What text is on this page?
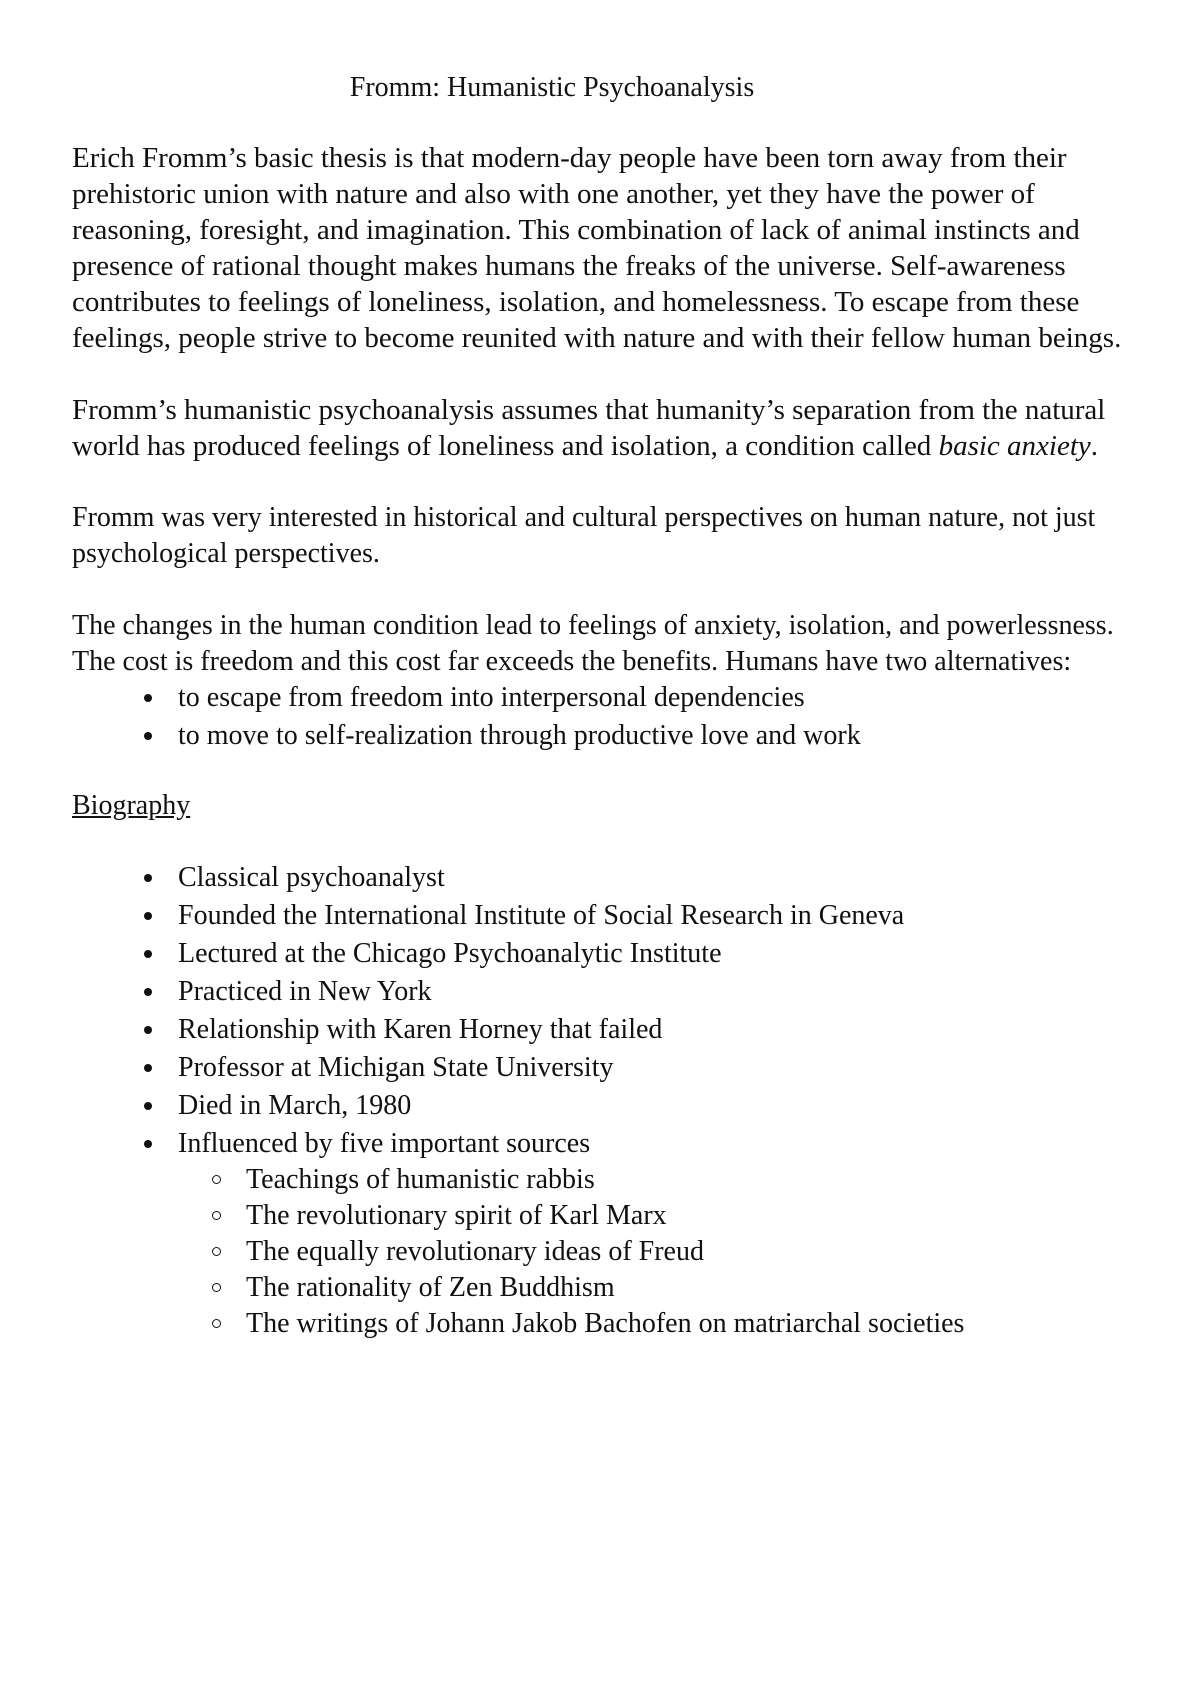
Fromm: Humanistic Psychoanalysis

Erich Fromm’s basic thesis is that modern-day people have been torn away from their prehistoric union with nature and also with one another, yet they have the power of reasoning, foresight, and imagination. This combination of lack of animal instincts and presence of rational thought makes humans the freaks of the universe. Self-awareness contributes to feelings of loneliness, isolation, and homelessness. To escape from these feelings, people strive to become reunited with nature and with their fellow human beings.

Fromm’s humanistic psychoanalysis assumes that humanity’s separation from the natural world has produced feelings of loneliness and isolation, a condition called basic anxiety.

Fromm was very interested in historical and cultural perspectives on human nature, not just psychological perspectives.

The changes in the human condition lead to feelings of anxiety, isolation, and powerlessness. The cost is freedom and this cost far exceeds the benefits. Humans have two alternatives:

to escape from freedom into interpersonal dependencies
to move to self-realization through productive love and work

Biography

Classical psychoanalyst
Founded the International Institute of Social Research in Geneva
Lectured at the Chicago Psychoanalytic Institute
Practiced in New York
Relationship with Karen Horney that failed
Professor at Michigan State University
Died in March, 1980
Influenced by five important sources
Teachings of humanistic rabbis
The revolutionary spirit of Karl Marx
The equally revolutionary ideas of Freud
The rationality of Zen Buddhism
The writings of Johann Jakob Bachofen on matriarchal societies
